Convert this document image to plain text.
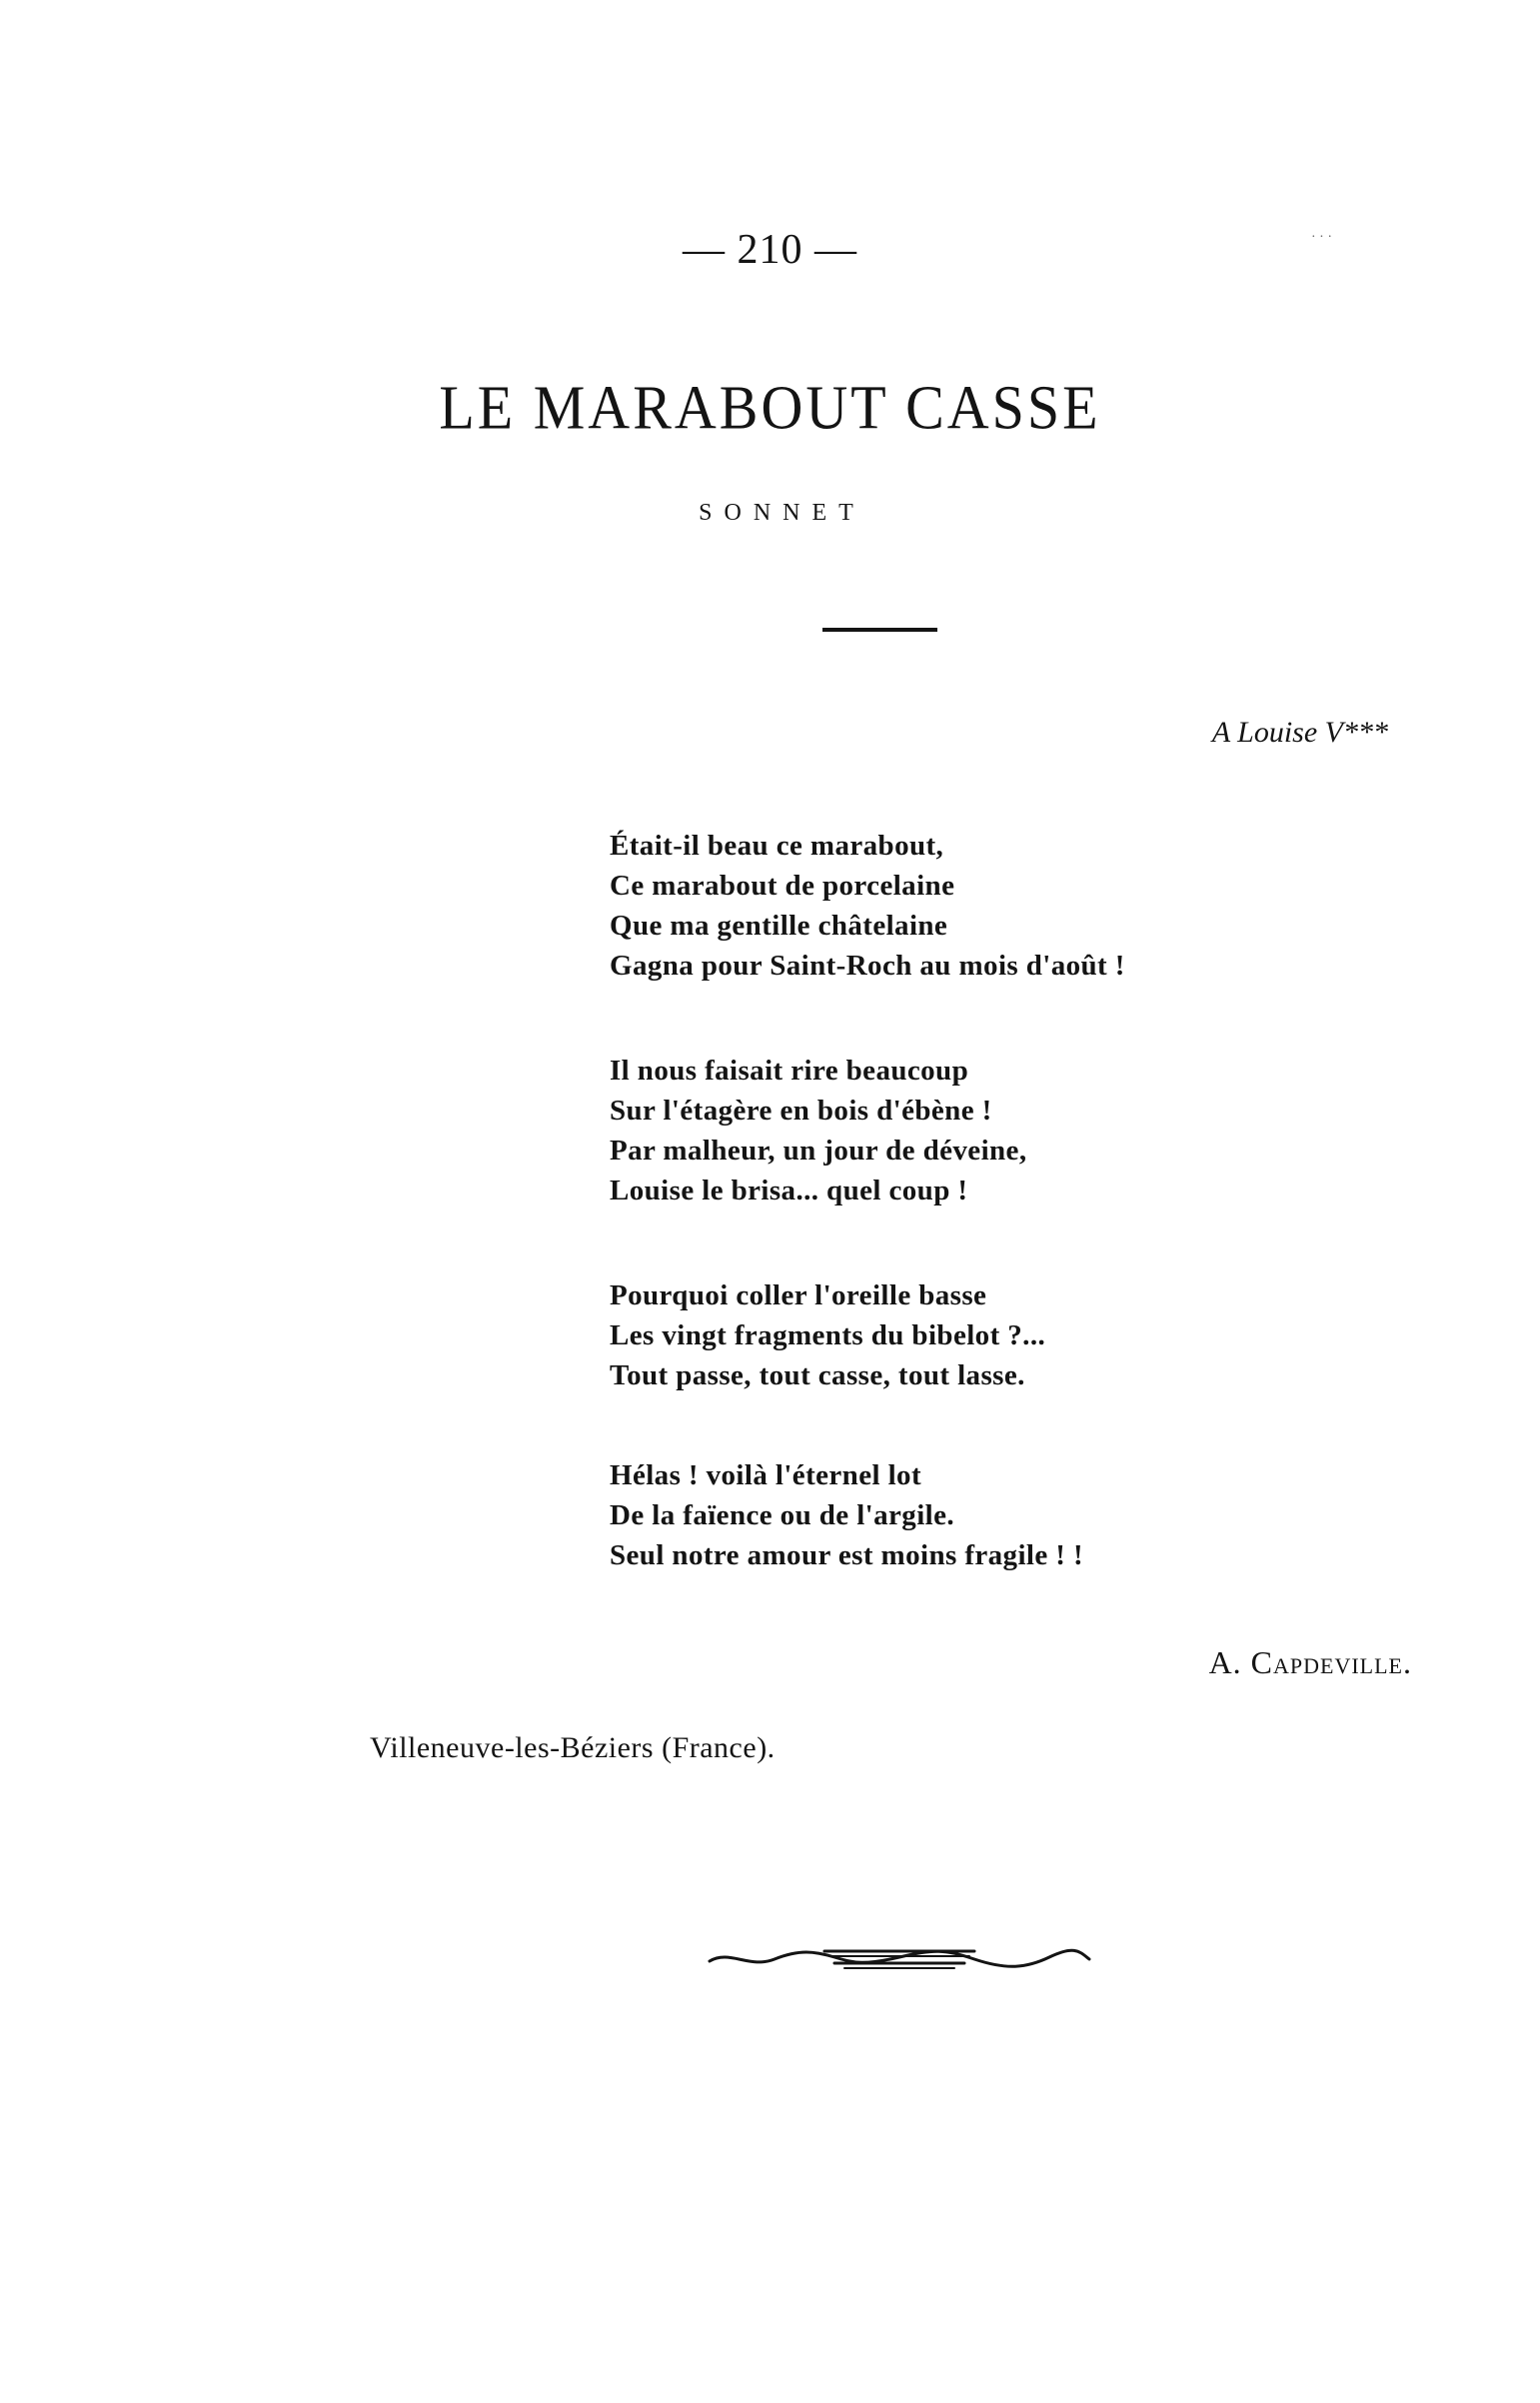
— 210 —	· · ·
LE MARABOUT CASSE
SONNET
A Louise V***
Était-il beau ce marabout,
Ce marabout de porcelaine
Que ma gentille châtelaine
Gagna pour Saint-Roch au mois d'août !
Il nous faisait rire beaucoup
Sur l'étagère en bois d'ébène !
Par malheur, un jour de déveine,
Louise le brisa... quel coup !
Pourquoi coller l'oreille basse
Les vingt fragments du bibelot ?...
Tout passe, tout casse, tout lasse.
Hélas ! voilà l'éternel lot
De la faïence ou de l'argile.
Seul notre amour est moins fragile ! !
A. Capdeville.
Villeneuve-les-Béziers (France).
